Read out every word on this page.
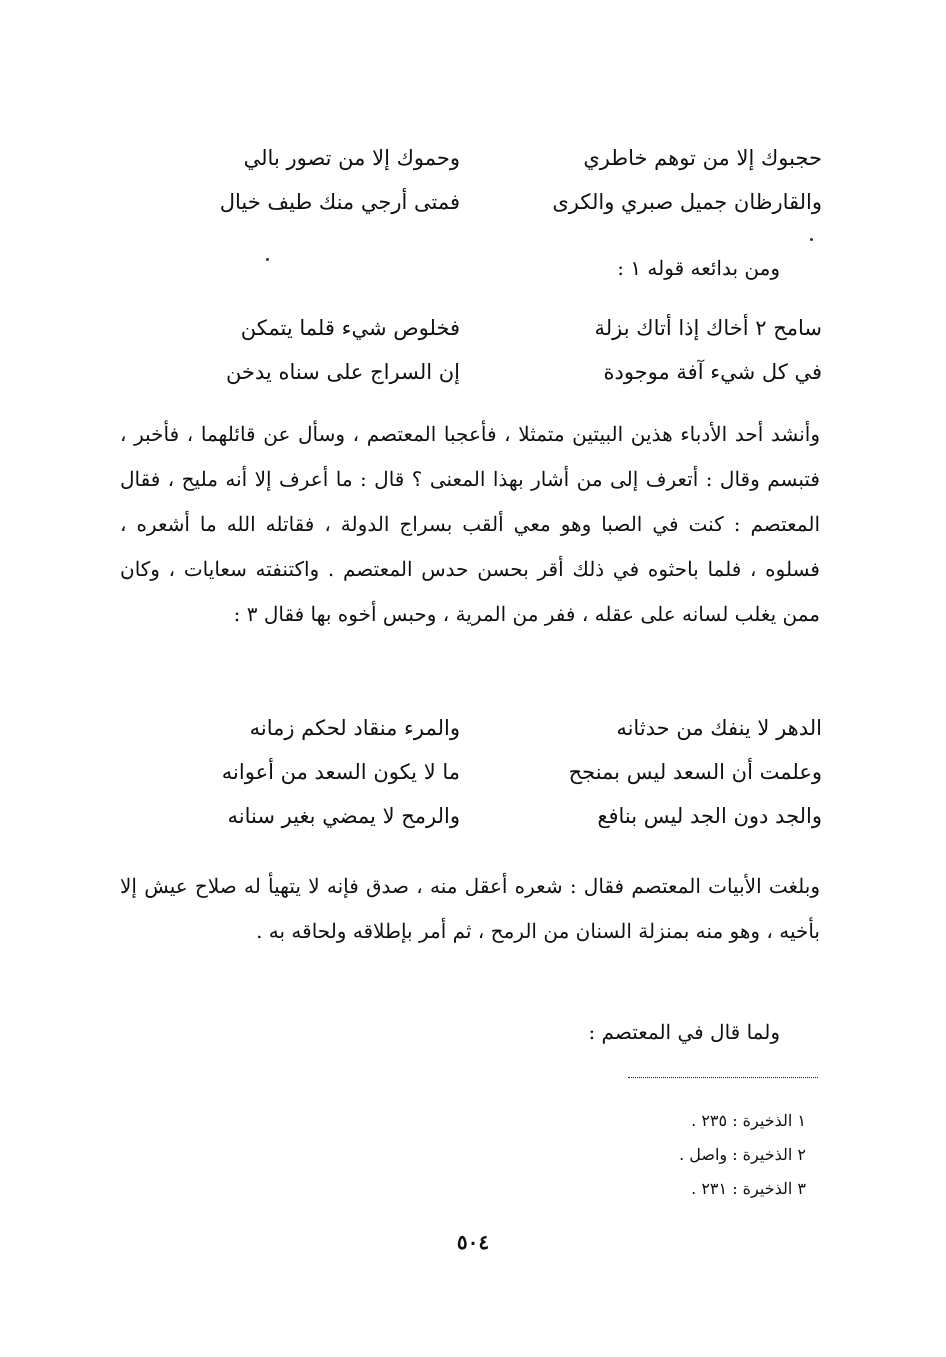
حجبوك إلا من توهم خاطري
وحموك إلا من تصور بالي
والقارظان جميل صبري والكرى
فمتى أرجي منك طيف خيال
ومن بدائعه قوله ١ :
سامح ٢ أخاك إذا أتاك بزلة
فخلوص شيء قلما يتمكن
في كل شيء آفة موجودة
إن السراج على سناه يدخن
وأنشد أحد الأدباء هذين البيتين متمثلا ، فأعجبا المعتصم ، وسأل عن قائلهما ، فأخبر ، فتبسم وقال : أتعرف إلى من أشار بهذا المعنى ؟ قال : ما أعرف إلا أنه مليح ، فقال المعتصم : كنت في الصبا وهو معي ألقب بسراج الدولة ، فقاتله الله ما أشعره ، فسلوه ، فلما باحثوه في ذلك أقر بحسن حدس المعتصم . واكتنفته سعايات ، وكان ممن يغلب لسانه على عقله ، ففر من المرية ، وحبس أخوه بها فقال ٣ :
الدهر لا ينفك من حدثانه
والمرء منقاد لحكم زمانه
وعلمت أن السعد ليس بمنجح
ما لا يكون السعد من أعوانه
والجد دون الجد ليس بنافع
والرمح لا يمضي بغير سنانه
وبلغت الأبيات المعتصم فقال : شعره أعقل منه ، صدق فإنه لا يتهيأ له صلاح عيش إلا بأخيه ، وهو منه بمنزلة السنان من الرمح ، ثم أمر بإطلاقه ولحاقه به .
ولما قال في المعتصم :
١ الذخيرة : ٢٣٥ .
٢ الذخيرة : واصل .
٣ الذخيرة : ٢٣١ .
٥٠٤
